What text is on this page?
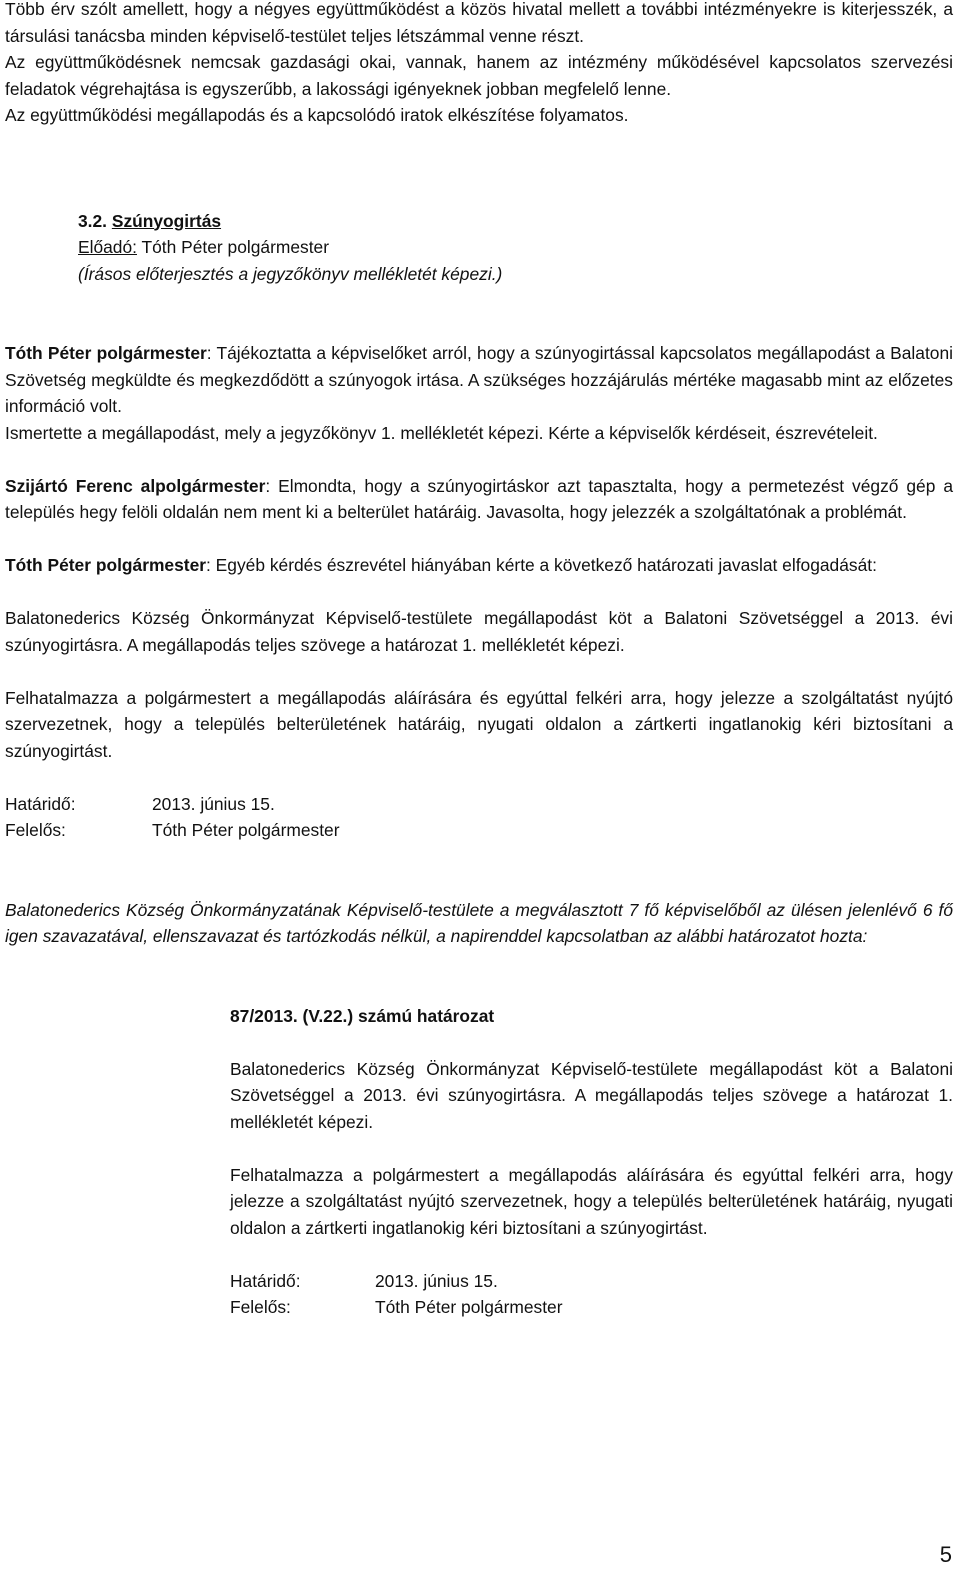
Több érv szólt amellett, hogy a négyes együttműködést a közös hivatal mellett a további intézményekre is kiterjesszék, a társulási tanácsba minden képviselő-testület teljes létszámmal venne részt.

Az együttműködésnek nemcsak gazdasági okai, vannak, hanem az intézmény működésével kapcsolatos szervezési feladatok végrehajtása is egyszerűbb, a lakossági igényeknek jobban megfelelő lenne.

Az együttműködési megállapodás és a kapcsolódó iratok elkészítése folyamatos.

3.2. Szúnyogirtás
Előadó: Tóth Péter polgármester
(Írásos előterjesztés a jegyzőkönyv mellékletét képezi.)

Tóth Péter polgármester: Tájékoztatta a képviselőket arról, hogy a szúnyogirtással kapcsolatos megállapodást a Balatoni Szövetség megküldte és megkezdődött a szúnyogok irtása. A szükséges hozzájárulás mértéke magasabb mint az előzetes információ volt.

Ismertette a megállapodást, mely a jegyzőkönyv 1. mellékletét képezi. Kérte a képviselők kérdéseit, észrevételeit.

Szijártó Ferenc alpolgármester: Elmondta, hogy a szúnyogirtáskor azt tapasztalta, hogy a permetezést végző gép a település hegy felöli oldalán nem ment ki a belterület határáig. Javasolta, hogy jelezzék a szolgáltatónak a problémát.

Tóth Péter polgármester: Egyéb kérdés észrevétel hiányában kérte a következő határozati javaslat elfogadását:

Balatonederics Község Önkormányzat Képviselő-testülete megállapodást köt a Balatoni Szövetséggel a 2013. évi szúnyogirtásra. A megállapodás teljes szövege a határozat 1. mellékletét képezi.

Felhatalmazza a polgármestert a megállapodás aláírására és egyúttal felkéri arra, hogy jelezze a szolgáltatást nyújtó szervezetnek, hogy a település belterületének határáig, nyugati oldalon a zártkerti ingatlanokig kéri biztosítani a szúnyogirtást.

Határidő:	2013. június 15.
Felelős:	Tóth Péter polgármester

Balatonederics Község Önkormányzatának Képviselő-testülete a megválasztott 7 fő képviselőből az ülésen jelenlévő 6 fő igen szavazatával, ellenszavazat és tartózkodás nélkül, a napirenddel kapcsolatban az alábbi határozatot hozta:

87/2013. (V.22.) számú határozat

Balatonederics Község Önkormányzat Képviselő-testülete megállapodást köt a Balatoni Szövetséggel a 2013. évi szúnyogirtásra. A megállapodás teljes szövege a határozat 1. mellékletét képezi.

Felhatalmazza a polgármestert a megállapodás aláírására és egyúttal felkéri arra, hogy jelezze a szolgáltatást nyújtó szervezetnek, hogy a település belterületének határáig, nyugati oldalon a zártkerti ingatlanokig kéri biztosítani a szúnyogirtást.

Határidő:	2013. június 15.
Felelős:	Tóth Péter polgármester
5
